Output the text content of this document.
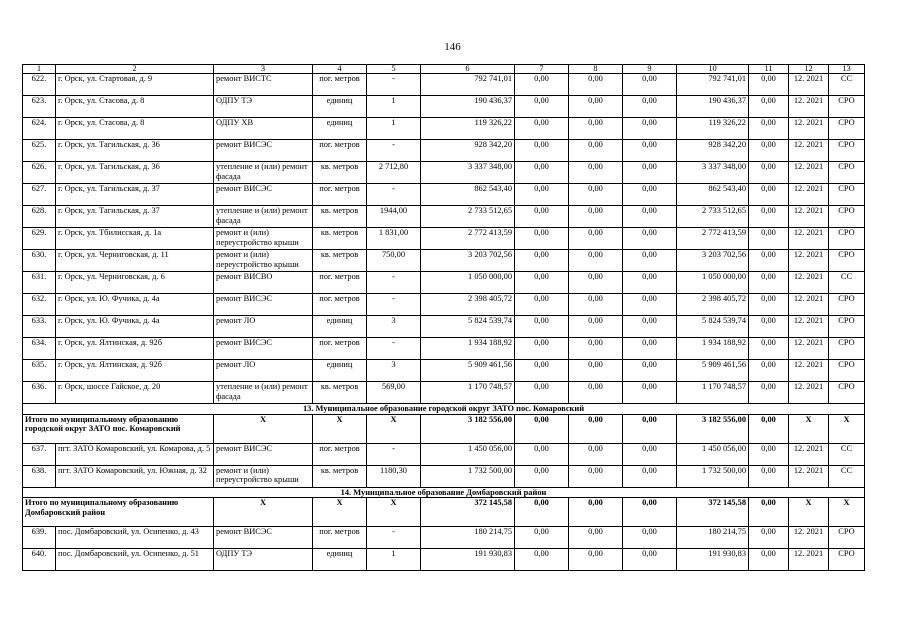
146
1	2	3	4	5	6	7	8	9	10	11	12	13
622.	г. Орск, ул. Стартовая, д. 9	ремонт ВИСТС	пог. метров	-	792 741,01	0,00	0,00	0,00	792 741,01	0,00	12. 2021	СС
623.	г. Орск, ул. Стасова, д. 8	ОДПУ ТЭ	единиц	1	190 436,37	0,00	0,00	0,00	190 436,37	0,00	12. 2021	СРО
624.	г. Орск, ул. Стасова, д. 8	ОДПУ ХВ	единиц	1	119 326,22	0,00	0,00	0,00	119 326,22	0,00	12. 2021	СРО
625.	г. Орск, ул. Тагильская, д. 36	ремонт ВИСЭС	пог. метров	-	928 342,20	0,00	0,00	0,00	928 342,20	0,00	12. 2021	СРО
626.	г. Орск, ул. Тагильская, д. 36	утепление и (или) ремонт фасада	кв. метров	2 712,80	3 337 348,00	0,00	0,00	0,00	3 337 348,00	0,00	12. 2021	СРО
627.	г. Орск, ул. Тагильская, д. 37	ремонт ВИСЭС	пог. метров	-	862 543,40	0,00	0,00	0,00	862 543,40	0,00	12. 2021	СРО
628.	г. Орск, ул. Тагильская, д. 37	утепление и (или) ремонт фасада	кв. метров	1944,00	2 733 512,65	0,00	0,00	0,00	2 733 512,65	0,00	12. 2021	СРО
629.	г. Орск, ул. Тбилисская, д. 1а	ремонт и (или) переустройство крыши	кв. метров	1 831,00	2 772 413,59	0,00	0,00	0,00	2 772 413,59	0,00	12. 2021	СРО
630.	г. Орск, ул. Черниговская, д. 11	ремонт и (или) переустройство крыши	кв. метров	750,00	3 203 702,56	0,00	0,00	0,00	3 203 702,56	0,00	12. 2021	СРО
631.	г. Орск, ул. Черниговская, д. 6	ремонт ВИСВО	пог. метров	-	1 050 000,00	0,00	0,00	0,00	1 050 000,00	0,00	12. 2021	СС
632.	г. Орск, ул. Ю. Фучика, д. 4а	ремонт ВИСЭС	пог. метров	-	2 398 405,72	0,00	0,00	0,00	2 398 405,72	0,00	12. 2021	СРО
633.	г. Орск, ул. Ю. Фучика, д. 4а	ремонт ЛО	единиц	3	5 824 539,74	0,00	0,00	0,00	5 824 539,74	0,00	12. 2021	СРО
634.	г. Орск, ул. Ялтинская, д. 92б	ремонт ВИСЭС	пог. метров	-	1 934 188,92	0,00	0,00	0,00	1 934 188,92	0,00	12. 2021	СРО
635.	г. Орск, ул. Ялтинская, д. 92б	ремонт ЛО	единиц	3	5 909 461,56	0,00	0,00	0,00	5 909 461,56	0,00	12. 2021	СРО
636.	г. Орск, шоссе Гайское, д. 20	утепление и (или) ремонт фасада	кв. метров	569,00	1 170 748,57	0,00	0,00	0,00	1 170 748,57	0,00	12. 2021	СРО
13. Муниципальное образование городской округ ЗАТО пос. Комаровский												
Итого по муниципальному образованию городской округ ЗАТО пос. Комаровский		X	X	X	3 182 556,00	0,00	0,00	0,00	3 182 556,00	0,00	X	X
637.	пгт. ЗАТО Комаровский, ул. Комарова, д. 5	ремонт ВИСЭС	пог. метров	-	1 450 056,00	0,00	0,00	0,00	1 450 056,00	0,00	12. 2021	СС
638.	пгт. ЗАТО Комаровский, ул. Южная, д. 32	ремонт и (или) переустройство крыши	кв. метров	1180,30	1 732 500,00	0,00	0,00	0,00	1 732 500,00	0,00	12. 2021	СС
14. Муниципальное образование Домбаровский район												
Итого по муниципальному образованию Домбаровский район		X	X	X	372 145,58	0,00	0,00	0,00	372 145,58	0,00	X	X
639.	пос. Домбаровский, ул. Осипенко, д. 43	ремонт ВИСЭС	пог. метров	-	180 214,75	0,00	0,00	0,00	180 214,75	0,00	12. 2021	СРО
640.	пос. Домбаровский, ул. Осипенко, д. 51	ОДПУ ТЭ	единиц	1	191 930,83	0,00	0,00	0,00	191 930,83	0,00	12. 2021	СРО
